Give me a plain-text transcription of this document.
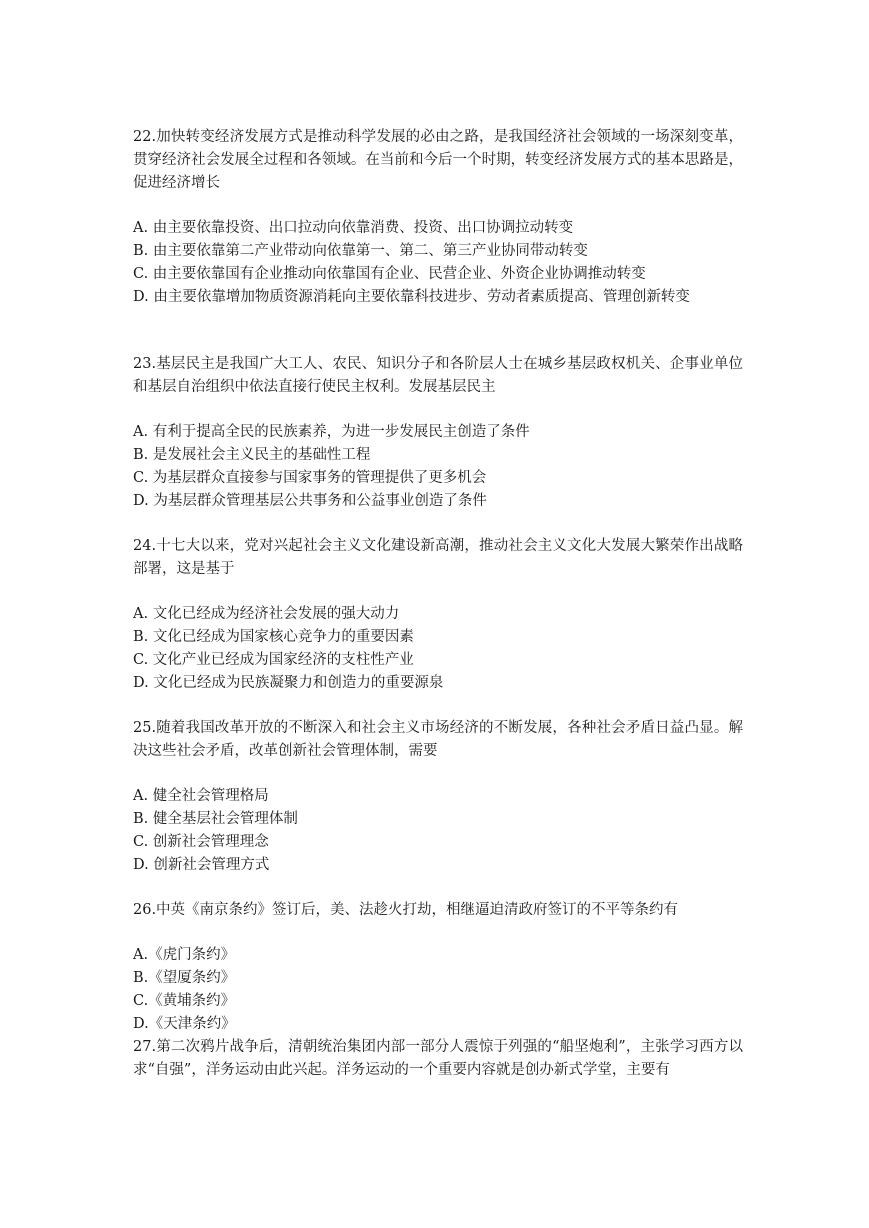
22.加快转变经济发展方式是推动科学发展的必由之路，是我国经济社会领域的一场深刻变革，贯穿经济社会发展全过程和各领域。在当前和今后一个时期，转变经济发展方式的基本思路是，促进经济增长

A. 由主要依靠投资、出口拉动向依靠消费、投资、出口协调拉动转变
B. 由主要依靠第二产业带动向依靠第一、第二、第三产业协同带动转变
C. 由主要依靠国有企业推动向依靠国有企业、民营企业、外资企业协调推动转变
D. 由主要依靠增加物质资源消耗向主要依靠科技进步、劳动者素质提高、管理创新转变

23.基层民主是我国广大工人、农民、知识分子和各阶层人士在城乡基层政权机关、企事业单位和基层自治组织中依法直接行使民主权利。发展基层民主

A. 有利于提高全民的民族素养，为进一步发展民主创造了条件
B. 是发展社会主义民主的基础性工程
C. 为基层群众直接参与国家事务的管理提供了更多机会
D. 为基层群众管理基层公共事务和公益事业创造了条件

24.十七大以来，党对兴起社会主义文化建设新高潮，推动社会主义文化大发展大繁荣作出战略部署，这是基于

A. 文化已经成为经济社会发展的强大动力
B. 文化已经成为国家核心竞争力的重要因素
C. 文化产业已经成为国家经济的支柱性产业
D. 文化已经成为民族凝聚力和创造力的重要源泉

25.随着我国改革开放的不断深入和社会主义市场经济的不断发展，各种社会矛盾日益凸显。解决这些社会矛盾，改革创新社会管理体制，需要

A. 健全社会管理格局
B. 健全基层社会管理体制
C. 创新社会管理理念
D. 创新社会管理方式

26.中英《南京条约》签订后，美、法趁火打劫，相继逼迫清政府签订的不平等条约有

A.《虎门条约》
B.《望厦条约》
C.《黄埔条约》
D.《天津条约》

27.第二次鸦片战争后，清朝统治集团内部一部分人震惊于列强的“船坚炮利”，主张学习西方以求“自强”，洋务运动由此兴起。洋务运动的一个重要内容就是创办新式学堂，主要有
